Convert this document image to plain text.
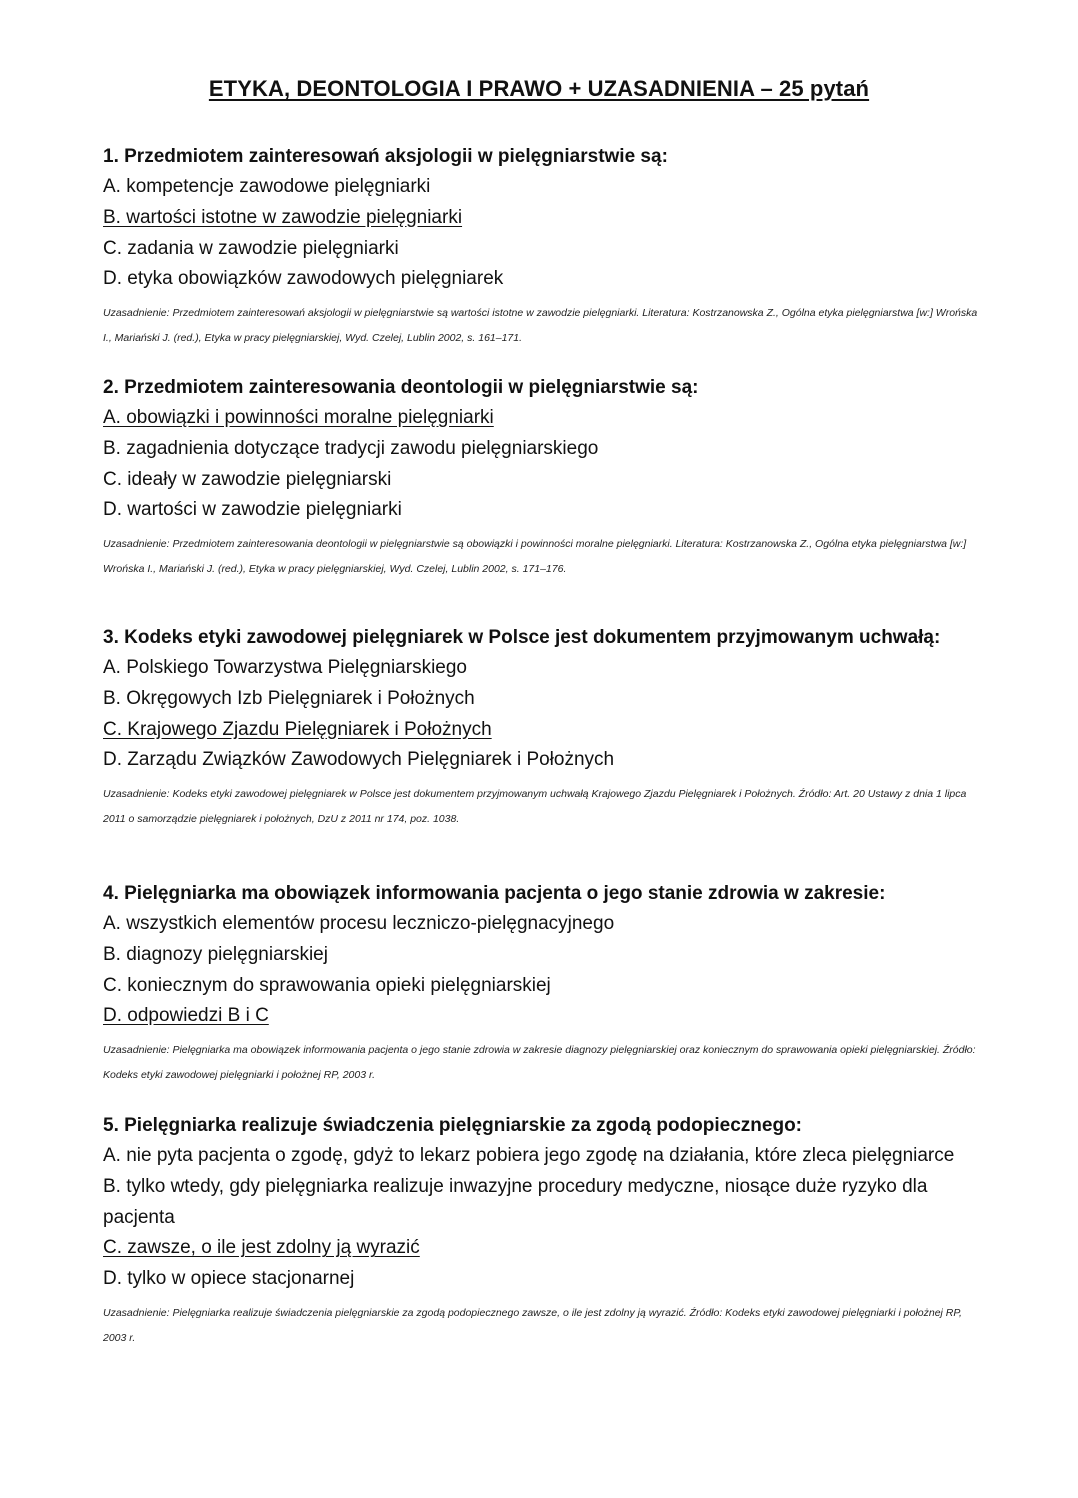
ETYKA, DEONTOLOGIA I PRAWO + UZASADNIENIA – 25 pytań
1. Przedmiotem zainteresowań aksjologii w pielęgniarstwie są:
A. kompetencje zawodowe pielęgniarki
B. wartości istotne w zawodzie pielęgniarki
C. zadania w zawodzie pielęgniarki
D. etyka obowiązków zawodowych pielęgniarek
Uzasadnienie: Przedmiotem zainteresowań aksjologii w pielęgniarstwie są wartości istotne w zawodzie pielęgniarki. Literatura: Kostrzanowska Z., Ogólna etyka pielęgniarstwa [w:] Wrońska I., Mariański J. (red.), Etyka w pracy pielęgniarskiej, Wyd. Czelej, Lublin 2002, s. 161–171.
2. Przedmiotem zainteresowania deontologii w pielęgniarstwie są:
A. obowiązki i powinności moralne pielęgniarki
B. zagadnienia dotyczące tradycji zawodu pielęgniarskiego
C. ideały w zawodzie pielęgniarski
D. wartości w zawodzie pielęgniarki
Uzasadnienie: Przedmiotem zainteresowania deontologii w pielęgniarstwie są obowiązki i powinności moralne pielęgniarki. Literatura: Kostrzanowska Z., Ogólna etyka pielęgniarstwa [w:] Wrońska I., Mariański J. (red.), Etyka w pracy pielęgniarskiej, Wyd. Czelej, Lublin 2002, s. 171–176.
3. Kodeks etyki zawodowej pielęgniarek w Polsce jest dokumentem przyjmowanym uchwałą:
A. Polskiego Towarzystwa Pielęgniarskiego
B. Okręgowych Izb Pielęgniarek i Położnych
C. Krajowego Zjazdu Pielęgniarek i Położnych
D. Zarządu Związków Zawodowych Pielęgniarek i Położnych
Uzasadnienie: Kodeks etyki zawodowej pielęgniarek w Polsce jest dokumentem przyjmowanym uchwałą Krajowego Zjazdu Pielęgniarek i Położnych. Źródło: Art. 20 Ustawy z dnia 1 lipca 2011 o samorządzie pielęgniarek i położnych, DzU z 2011 nr 174, poz. 1038.
4. Pielęgniarka ma obowiązek informowania pacjenta o jego stanie zdrowia w zakresie:
A. wszystkich elementów procesu leczniczo-pielęgnacyjnego
B. diagnozy pielęgniarskiej
C. koniecznym do sprawowania opieki pielęgniarskiej
D. odpowiedzi B i C
Uzasadnienie: Pielęgniarka ma obowiązek informowania pacjenta o jego stanie zdrowia w zakresie diagnozy pielęgniarskiej oraz koniecznym do sprawowania opieki pielęgniarskiej. Źródło: Kodeks etyki zawodowej pielęgniarki i położnej RP, 2003 r.
5. Pielęgniarka realizuje świadczenia pielęgniarskie za zgodą podopiecznego:
A. nie pyta pacjenta o zgodę, gdyż to lekarz pobiera jego zgodę na działania, które zleca pielęgniarce
B. tylko wtedy, gdy pielęgniarka realizuje inwazyjne procedury medyczne, niosące duże ryzyko dla pacjenta
C. zawsze, o ile jest zdolny ją wyrazić
D. tylko w opiece stacjonarnej
Uzasadnienie: Pielęgniarka realizuje świadczenia pielęgniarskie za zgodą podopiecznego zawsze, o ile jest zdolny ją wyrazić. Źródło: Kodeks etyki zawodowej pielęgniarki i położnej RP, 2003 r.
